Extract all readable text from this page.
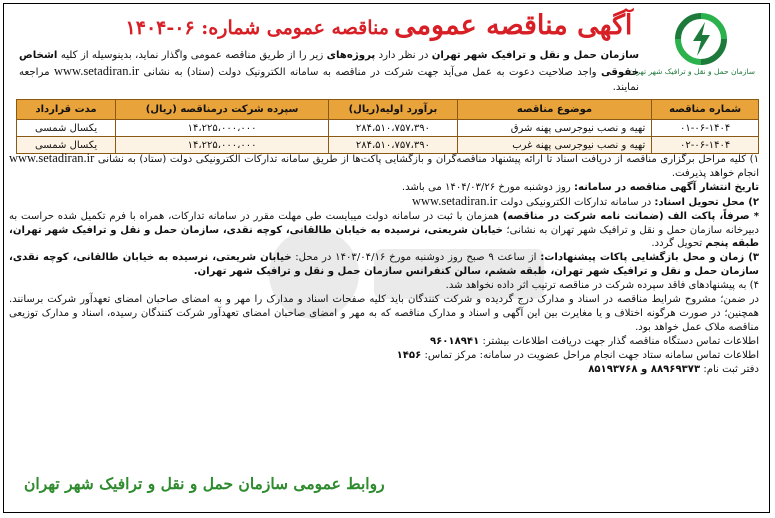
سازمان حمل و نقل و ترافیک شهر تهران
آگهی مناقصه عمومی مناقصه عمومی شماره: ۰۶-۱۴۰۴
سازمان حمل و نقل و ترافیک شهر تهران در نظر دارد پروژه‌های زیر را از طریق مناقصه عمومی واگذار نماید، بدینوسیله از کلیه اشخاص حقوقی واجد صلاحیت دعوت به عمل می‌آید جهت شرکت در مناقصه به سامانه الکترونیک دولت (ستاد) به نشانی www.setadiran.ir مراجعه نمایند.
شماره مناقصه	موضوع مناقصه	برآورد اولیه(ریال)	سپرده شرکت درمناقصه (ریال)	مدت قرارداد
۰۱-۰۶-۱۴۰۴	تهیه و نصب نیوجرسی پهنه شرق	۲۸۴،۵۱۰،۷۵۷،۳۹۰	۱۴،۲۲۵،۰۰۰،۰۰۰	یکسال شمسی
۰۲-۰۶-۱۴۰۴	تهیه و نصب نیوجرسی پهنه غرب	۲۸۴،۵۱۰،۷۵۷،۳۹۰	۱۴،۲۲۵،۰۰۰،۰۰۰	یکسال شمسی

۱) کلیه مراحل برگزاری مناقصه از دریافت اسناد تا ارائه پیشنهاد مناقصه‌گران و بازگشایی پاکت‌ها از طریق سامانه تدارکات الکترونیکی دولت (ستاد) به نشانی www.setadiran.ir انجام خواهد پذیرفت.

تاریخ انتشار آگهی مناقصه در سامانه: روز دوشنبه مورخ ۱۴۰۴/۰۳/۲۶ می باشد.

۲) محل تحویل اسناد: در سامانه تدارکات الکترونیکی دولت www.setadiran.ir

* صرفاً، پاکت الف (ضمانت نامه شرکت در مناقصه) همزمان با ثبت در سامانه دولت میبایست طی مهلت مقرر در سامانه تدارکات، همراه با فرم تکمیل شده حراست به دبیرخانه سازمان حمل و نقل و ترافیک شهر تهران به نشانی؛ خیابان شریعتی، نرسیده به خیابان طالقانی، کوچه نقدی، سازمان حمل و نقل و ترافیک شهر تهران، طبقه پنجم تحویل گردد.

۳) زمان و محل بازگشایی پاکات پیشنهادات: از ساعت ۹ صبح روز دوشنبه مورخ ۱۴۰۳/۰۴/۱۶ در محل: خیابان شریعتی، نرسیده به خیابان طالقانی، کوچه نقدی، سازمان حمل و نقل و ترافیک شهر تهران، طبقه ششم، سالن کنفرانس سازمان حمل و نقل و ترافیک شهر تهران.

۴) به پیشنهادهای فاقد سپرده شرکت در مناقصه ترتیب اثر داده نخواهد شد.

در ضمن؛ مشروح شرایط مناقصه در اسناد و مدارک درج گردیده و شرکت کنندگان باید کلیه صفحات اسناد و مدارک را مهر و به امضای صاحبان امضای تعهدآور شرکت برسانند. همچنین؛ در صورت هرگونه اختلاف و یا مغایرت بین این آگهی و اسناد و مدارک مناقصه که به مهر و امضای صاحبان امضای تعهدآور شرکت کنندگان رسیده، اسناد و مدارک توزیعی مناقصه ملاک عمل خواهد بود.

اطلاعات تماس دستگاه مناقصه گذار جهت دریافت اطلاعات بیشتر: ۹۶۰۱۸۹۴۱

اطلاعات تماس سامانه ستاد جهت انجام مراحل عضویت در سامانه: مرکز تماس: ۱۴۵۶

دفتر ثبت نام: ۸۸۹۶۹۳۷۳ و ۸۵۱۹۳۷۶۸

روابط عمومی سازمان حمل و نقل و ترافیک شهر تهران
